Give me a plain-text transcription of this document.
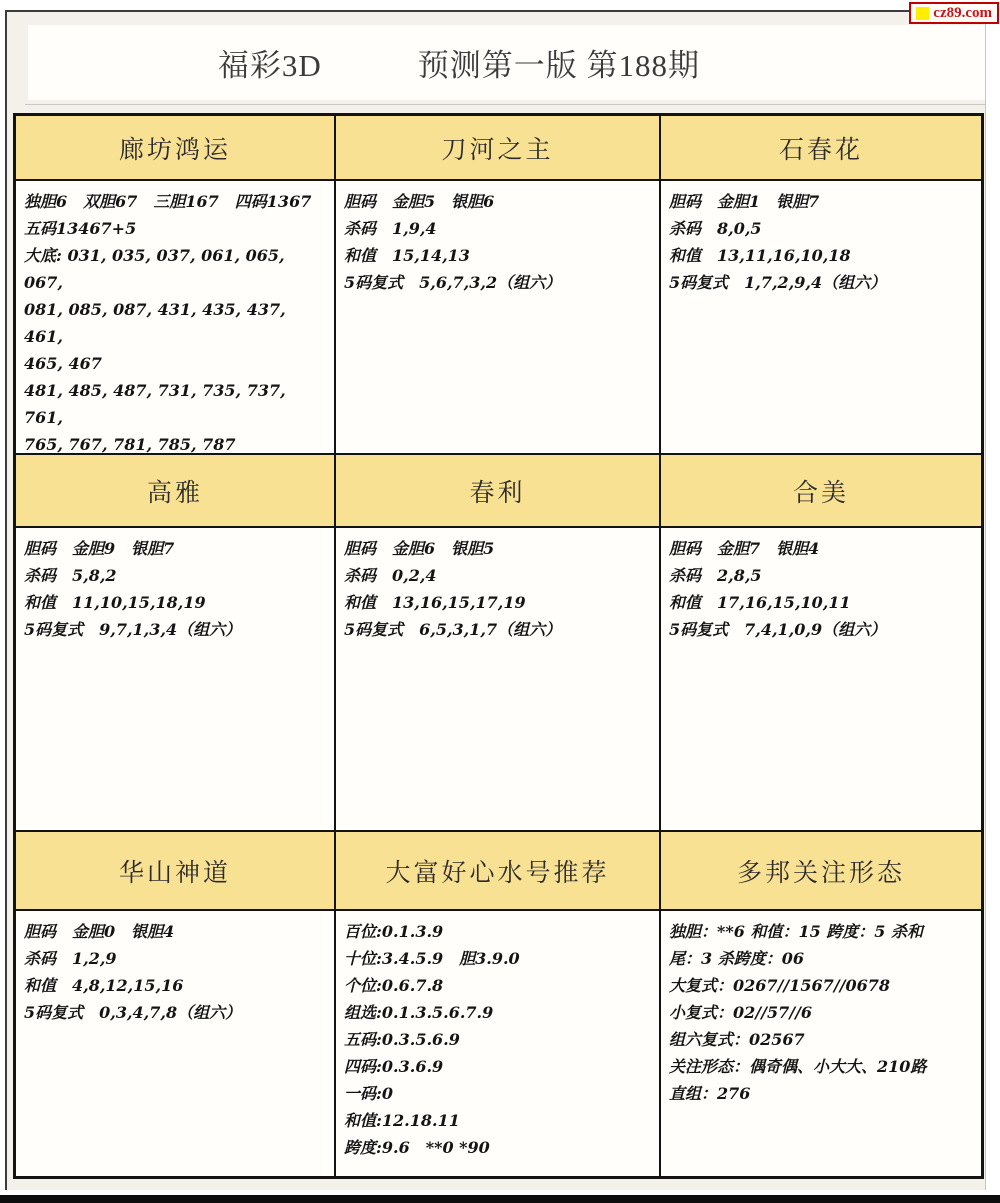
cz89.com
福彩3D　　　预测第一版 第188期
廊坊鸿运
独胆6　双胆67　三胆167　四码1367
五码13467+5
大底: 031, 035, 037, 061, 065, 067,
081, 085, 087, 431, 435, 437, 461,
465, 467
481, 485, 487, 731, 735, 737, 761,
765, 767, 781, 785, 787
刀河之主
胆码　金胆5　银胆6
杀码　1,9,4
和值　15,14,13
5码复式　5,6,7,3,2（组六）
石春花
胆码　金胆1　银胆7
杀码　8,0,5
和值　13,11,16,10,18
5码复式　1,7,2,9,4（组六）
高雅
胆码　金胆9　银胆7
杀码　5,8,2
和值　11,10,15,18,19
5码复式　9,7,1,3,4（组六）
春利
胆码　金胆6　银胆5
杀码　0,2,4
和值　13,16,15,17,19
5码复式　6,5,3,1,7（组六）
合美
胆码　金胆7　银胆4
杀码　2,8,5
和值　17,16,15,10,11
5码复式　7,4,1,0,9（组六）
华山神道
胆码　金胆0　银胆4
杀码　1,2,9
和值　4,8,12,15,16
5码复式　0,3,4,7,8（组六）
大富好心水号推荐
百位:0.1.3.9
十位:3.4.5.9　胆3.9.0
个位:0.6.7.8
组选:0.1.3.5.6.7.9
五码:0.3.5.6.9
四码:0.3.6.9
一码:0
和值:12.18.11
跨度:9.6　**0 *90
多邦关注形态
独胆：**6 和值：15 跨度：5 杀和
尾：3 杀跨度：06
大复式：0267//1567//0678
小复式：02//57//6
组六复式：02567
关注形态：偶奇偶、小大大、210路
直组：276
